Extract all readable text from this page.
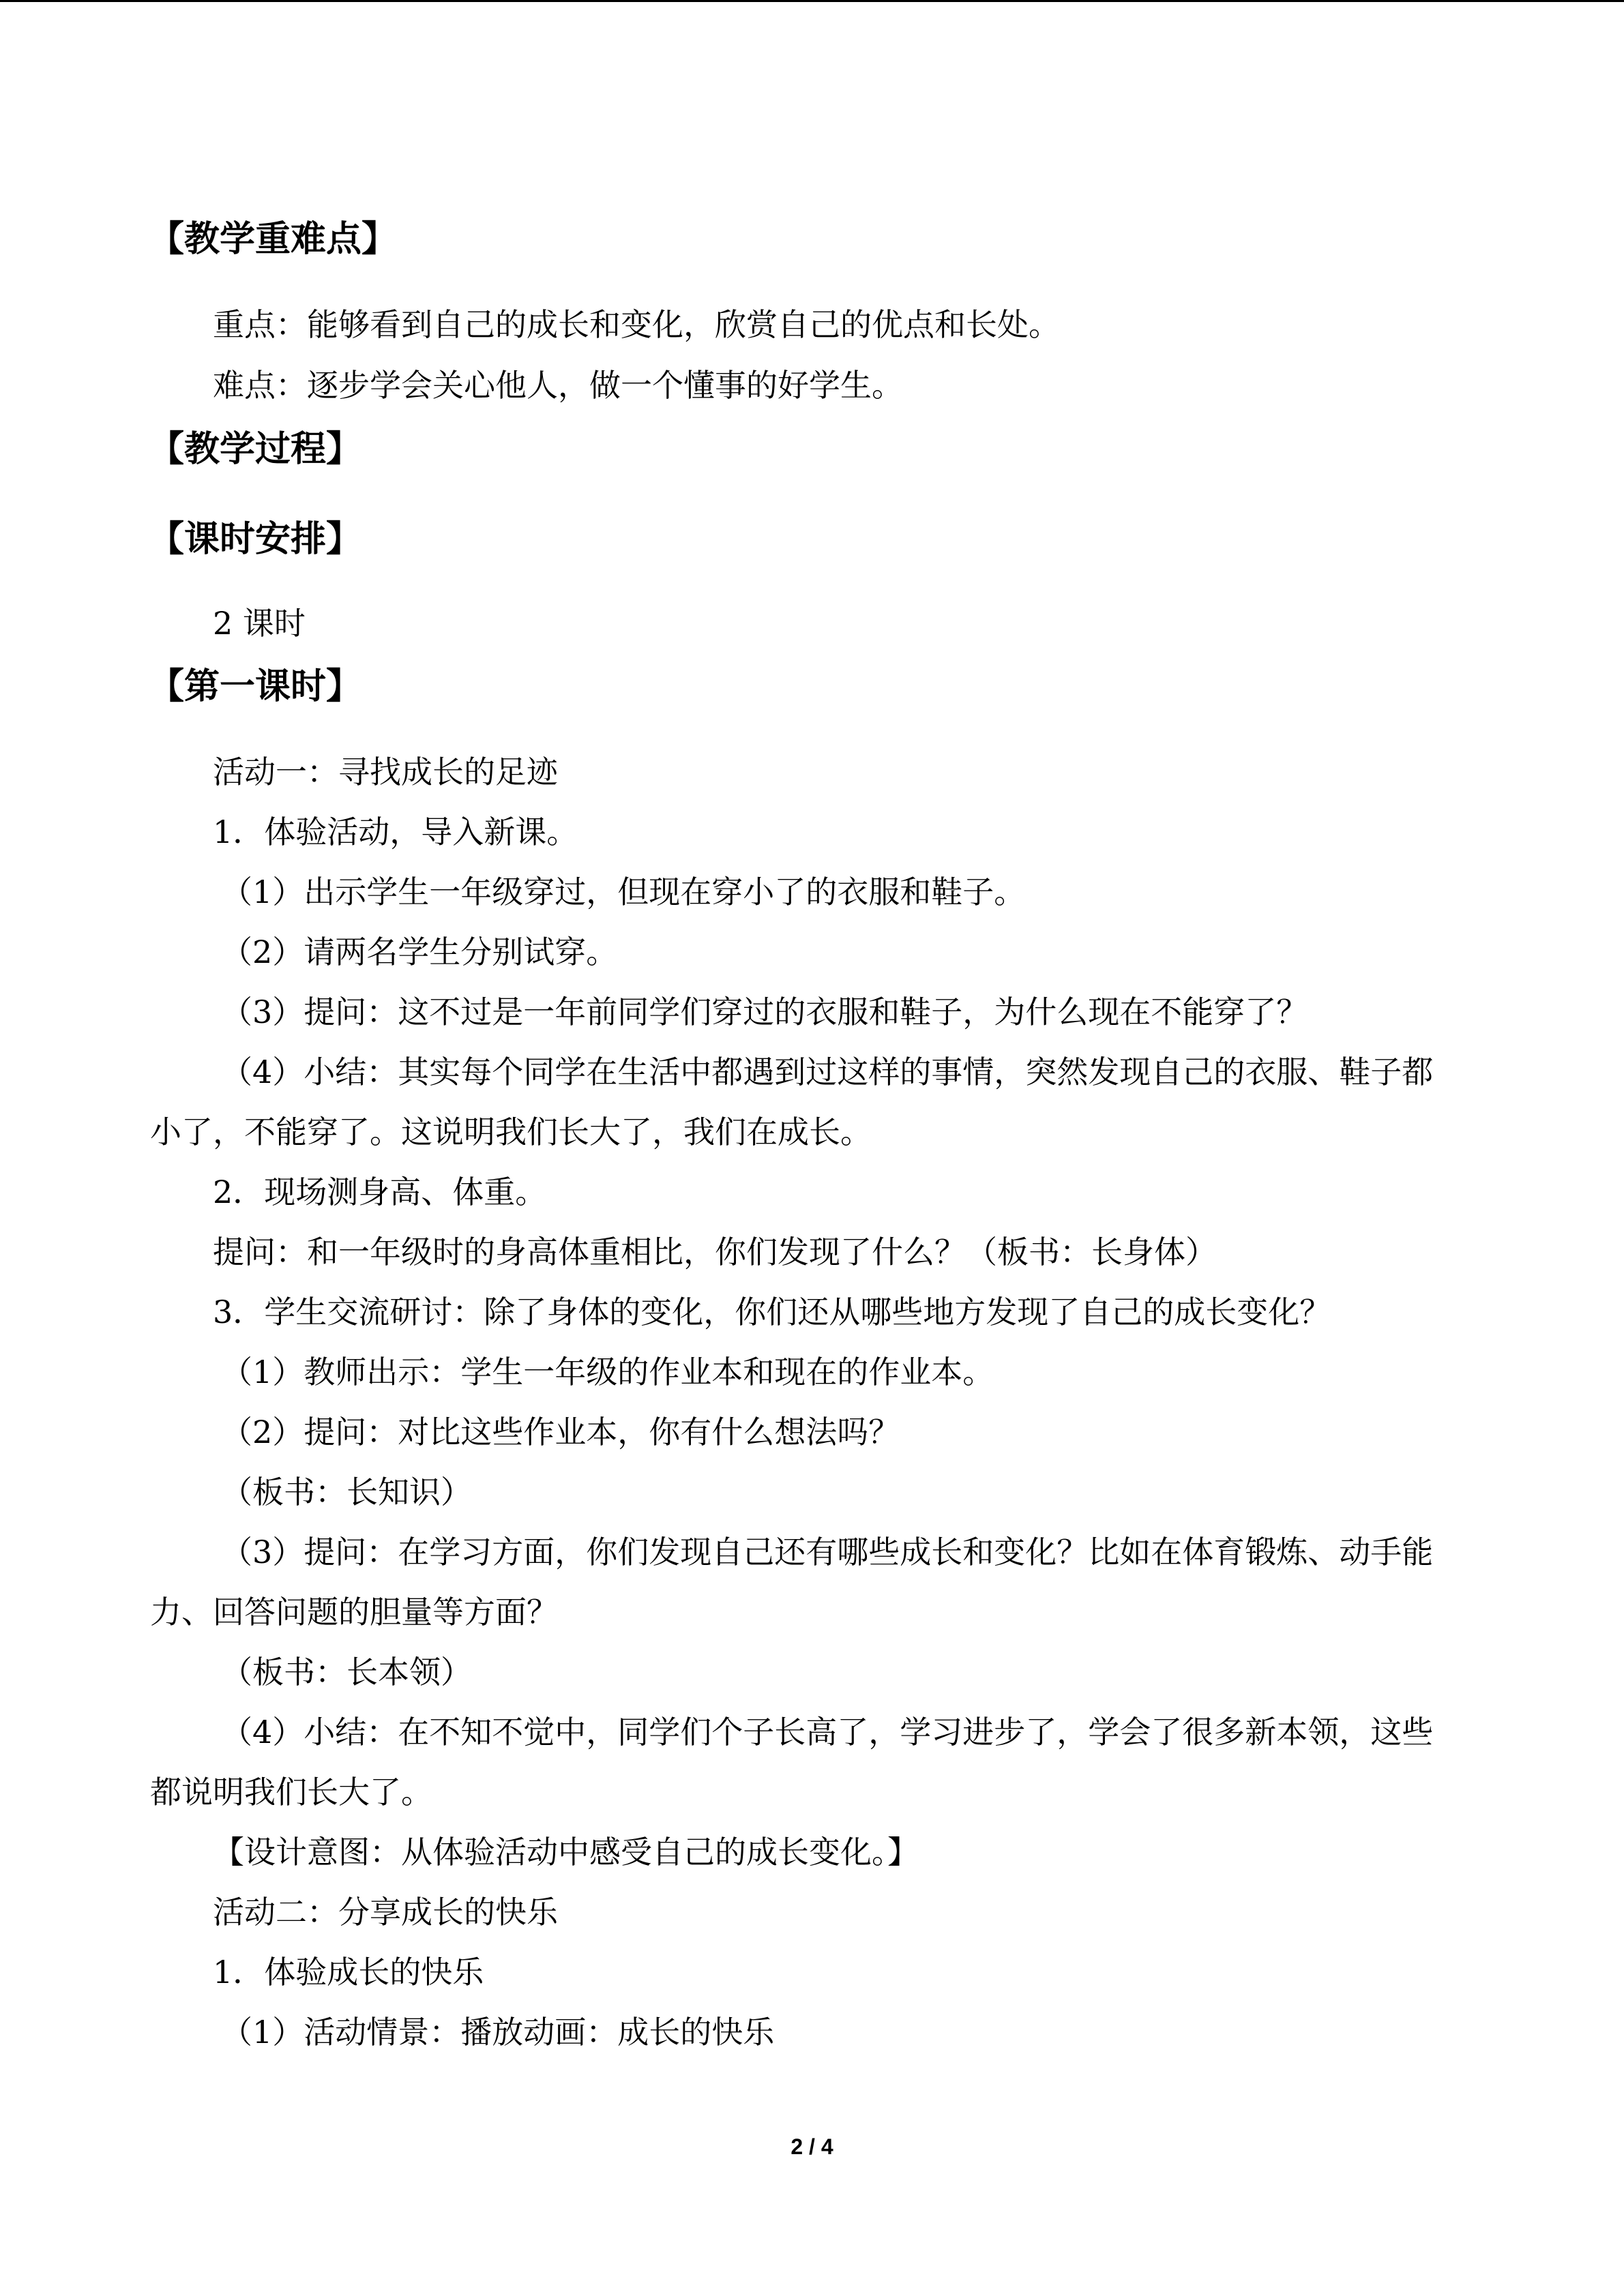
【教学重难点】
重点：能够看到自己的成长和变化，欣赏自己的优点和长处。
难点：逐步学会关心他人，做一个懂事的好学生。
【教学过程】
【课时安排】
2 课时
【第一课时】
活动一：寻找成长的足迹
1．体验活动，导入新课。
（1）出示学生一年级穿过，但现在穿小了的衣服和鞋子。
（2）请两名学生分别试穿。
（3）提问：这不过是一年前同学们穿过的衣服和鞋子，为什么现在不能穿了？
（4）小结：其实每个同学在生活中都遇到过这样的事情，突然发现自己的衣服、鞋子都
小了，不能穿了。这说明我们长大了，我们在成长。
2．现场测身高、体重。
提问：和一年级时的身高体重相比，你们发现了什么？（板书：长身体）
3．学生交流研讨：除了身体的变化，你们还从哪些地方发现了自己的成长变化？
（1）教师出示：学生一年级的作业本和现在的作业本。
（2）提问：对比这些作业本，你有什么想法吗？
（板书：长知识）
（3）提问：在学习方面，你们发现自己还有哪些成长和变化？比如在体育锻炼、动手能
力、回答问题的胆量等方面？
（板书：长本领）
（4）小结：在不知不觉中，同学们个子长高了，学习进步了，学会了很多新本领，这些
都说明我们长大了。
【设计意图：从体验活动中感受自己的成长变化。】
活动二：分享成长的快乐
1．体验成长的快乐
（1）活动情景：播放动画：成长的快乐
2 / 4
